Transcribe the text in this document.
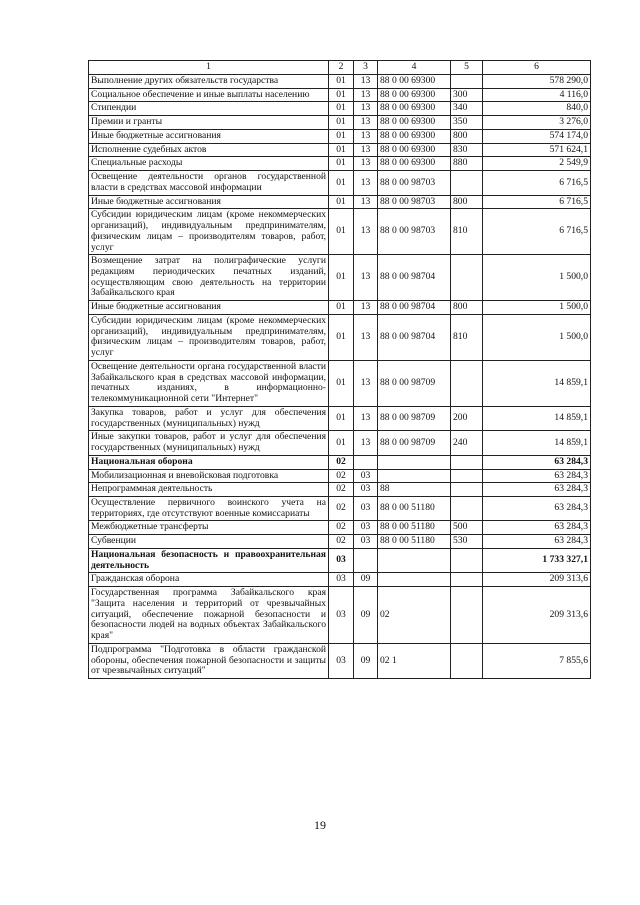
1	2	3	4	5	6
Выполнение других обязательств государства	01	13	88 0 00 69300		578 290,0
Социальное обеспечение и иные выплаты населению	01	13	88 0 00 69300	300	4 116,0
Стипендии	01	13	88 0 00 69300	340	840,0
Премии и гранты	01	13	88 0 00 69300	350	3 276,0
Иные бюджетные ассигнования	01	13	88 0 00 69300	800	574 174,0
Исполнение судебных актов	01	13	88 0 00 69300	830	571 624,1
Специальные расходы	01	13	88 0 00 69300	880	2 549,9
Освещение деятельности органов государственной власти в средствах массовой информации	01	13	88 0 00 98703		6 716,5
Иные бюджетные ассигнования	01	13	88 0 00 98703	800	6 716,5
Субсидии юридическим лицам (кроме некоммерческих организаций), индивидуальным предпринимателям, физическим лицам – производителям товаров, работ, услуг	01	13	88 0 00 98703	810	6 716,5
Возмещение затрат на полиграфические услуги редакциям периодических печатных изданий, осуществляющим свою деятельность на территории Забайкальского края	01	13	88 0 00 98704		1 500,0
Иные бюджетные ассигнования	01	13	88 0 00 98704	800	1 500,0
Субсидии юридическим лицам (кроме некоммерческих организаций), индивидуальным предпринимателям, физическим лицам – производителям товаров, работ, услуг	01	13	88 0 00 98704	810	1 500,0
Освещение деятельности органа государственной власти Забайкальского края в средствах массовой информации, печатных изданиях, в информационно-телекоммуникационной сети "Интернет"	01	13	88 0 00 98709		14 859,1
Закупка товаров, работ и услуг для обеспечения государственных (муниципальных) нужд	01	13	88 0 00 98709	200	14 859,1
Иные закупки товаров, работ и услуг для обеспечения государственных (муниципальных) нужд	01	13	88 0 00 98709	240	14 859,1
Национальная оборона	02				63 284,3
Мобилизационная и вневойсковая подготовка	02	03			63 284,3
Непрограммная деятельность	02	03	88		63 284,3
Осуществление первичного воинского учета на территориях, где отсутствуют военные комиссариаты	02	03	88 0 00 51180		63 284,3
Межбюджетные трансферты	02	03	88 0 00 51180	500	63 284,3
Субвенции	02	03	88 0 00 51180	530	63 284,3
Национальная безопасность и правоохранительная деятельность	03				1 733 327,1
Гражданская оборона	03	09			209 313,6
Государственная программа Забайкальского края "Защита населения и территорий от чрезвычайных ситуаций, обеспечение пожарной безопасности и безопасности людей на водных объектах Забайкальского края"	03	09	02		209 313,6
Подпрограмма "Подготовка в области гражданской обороны, обеспечения пожарной безопасности и защиты от чрезвычайных ситуаций"	03	09	02 1		7 855,6
19
